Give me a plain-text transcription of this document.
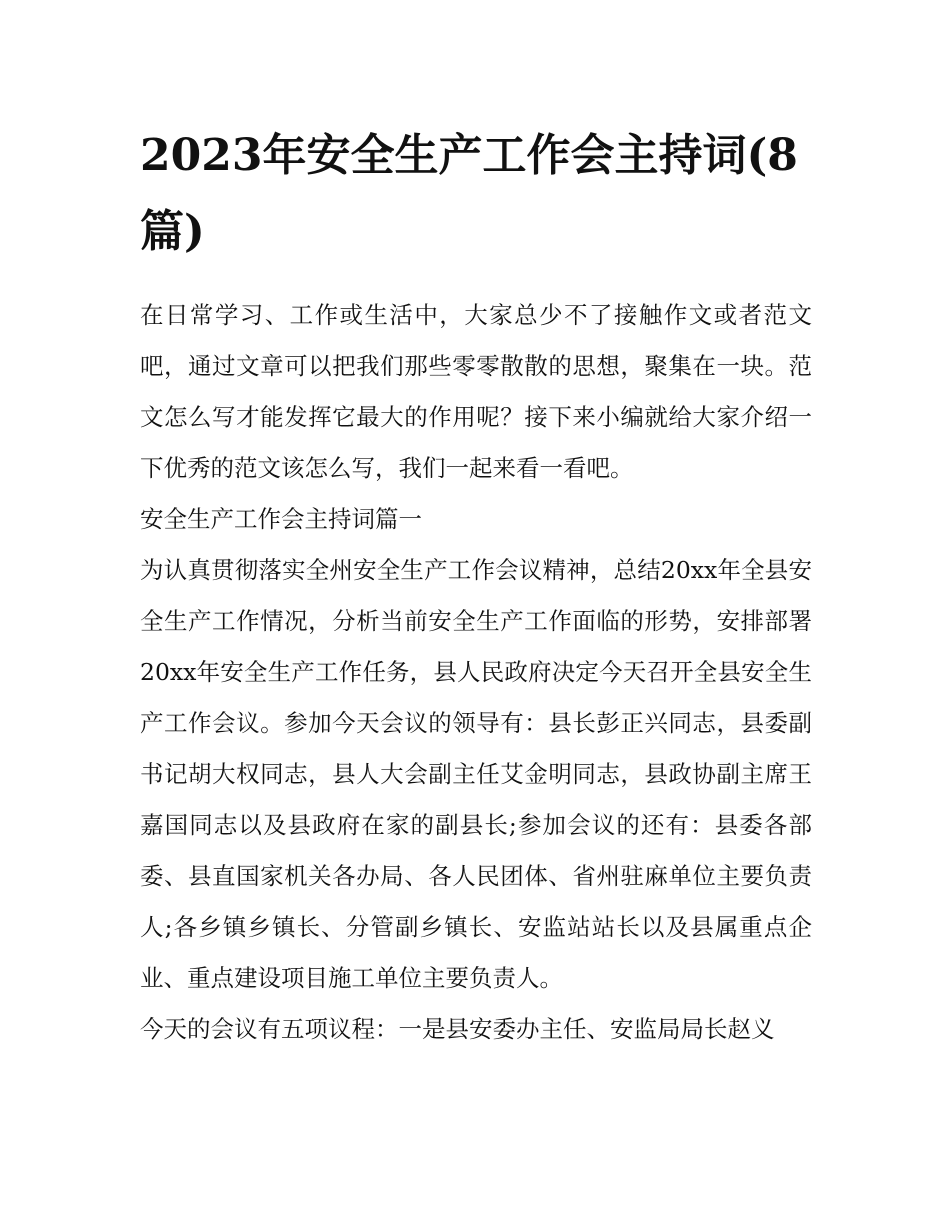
2023年安全生产工作会主持词(8篇)

在日常学习、工作或生活中，大家总少不了接触作文或者范文吧，通过文章可以把我们那些零零散散的思想，聚集在一块。范文怎么写才能发挥它最大的作用呢？接下来小编就给大家介绍一下优秀的范文该怎么写，我们一起来看一看吧。

安全生产工作会主持词篇一

为认真贯彻落实全州安全生产工作会议精神，总结20xx年全县安全生产工作情况，分析当前安全生产工作面临的形势，安排部署20xx年安全生产工作任务，县人民政府决定今天召开全县安全生产工作会议。参加今天会议的领导有：县长彭正兴同志，县委副书记胡大权同志，县人大会副主任艾金明同志，县政协副主席王嘉国同志以及县政府在家的副县长;参加会议的还有：县委各部委、县直国家机关各办局、各人民团体、省州驻麻单位主要负责人;各乡镇乡镇长、分管副乡镇长、安监站站长以及县属重点企业、重点建设项目施工单位主要负责人。

今天的会议有五项议程：一是县安委办主任、安监局局长赵义
